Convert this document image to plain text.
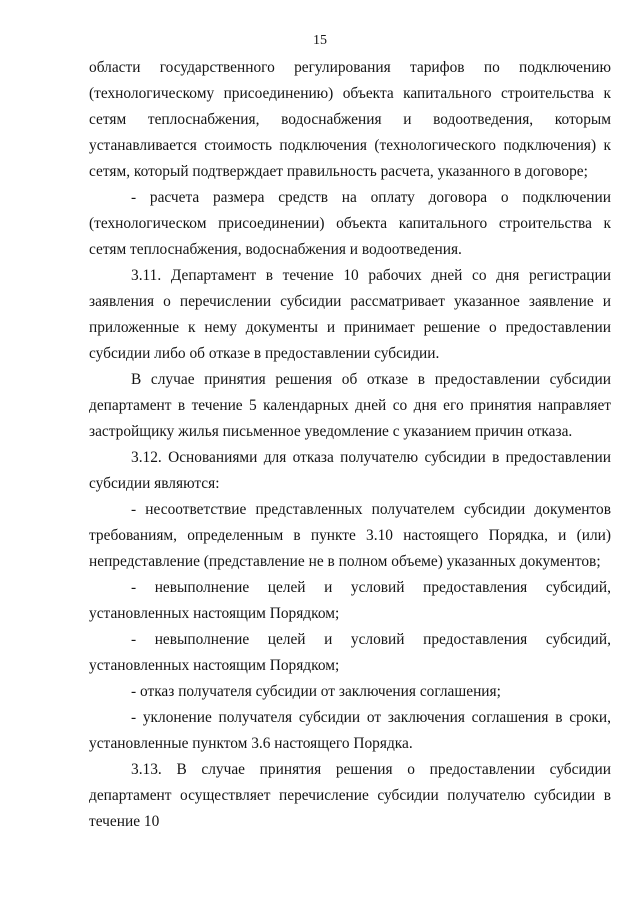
15

области государственного регулирования тарифов по подключению (технологическому присоединению) объекта капитального строительства к сетям теплоснабжения, водоснабжения и водоотведения, которым устанавливается стоимость подключения (технологического подключения) к сетям, который подтверждает правильность расчета, указанного в договоре;

- расчета размера средств на оплату договора о подключении (технологическом присоединении) объекта капитального строительства к сетям теплоснабжения, водоснабжения и водоотведения.

3.11. Департамент в течение 10 рабочих дней со дня регистрации заявления о перечислении субсидии рассматривает указанное заявление и приложенные к нему документы и принимает решение о предоставлении субсидии либо об отказе в предоставлении субсидии.

В случае принятия решения об отказе в предоставлении субсидии департамент в течение 5 календарных дней со дня его принятия направляет застройщику жилья письменное уведомление с указанием причин отказа.

3.12. Основаниями для отказа получателю субсидии в предоставлении субсидии являются:

- несоответствие представленных получателем субсидии документов требованиям, определенным в пункте 3.10 настоящего Порядка, и (или) непредставление (представление не в полном объеме) указанных документов;

- невыполнение целей и условий предоставления субсидий, установленных настоящим Порядком;

- невыполнение целей и условий предоставления субсидий, установленных настоящим Порядком;

- отказ получателя субсидии от заключения соглашения;

- уклонение получателя субсидии от заключения соглашения в сроки, установленные пунктом 3.6 настоящего Порядка.

3.13. В случае принятия решения о предоставлении субсидии департамент осуществляет перечисление субсидии получателю субсидии в течение 10
